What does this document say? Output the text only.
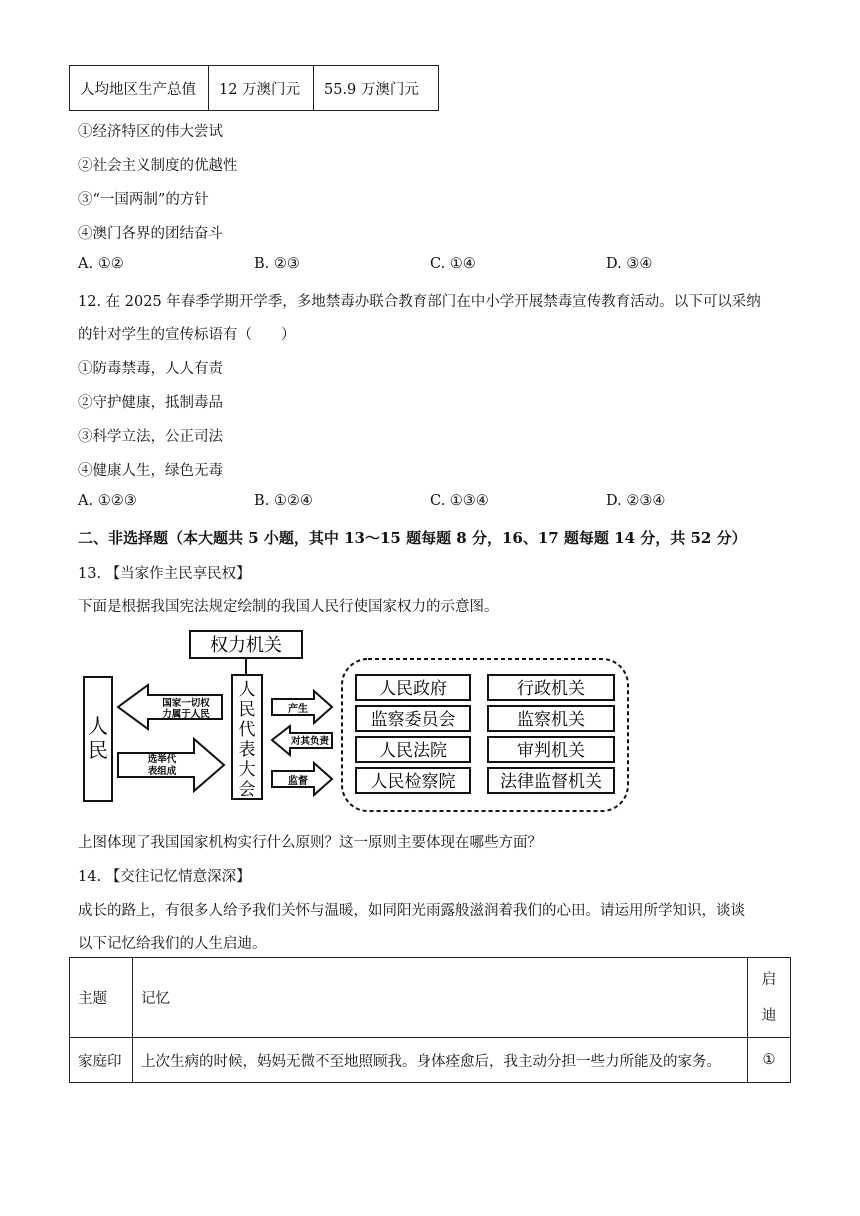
人均地区生产总值	12 万澳门元	55.9 万澳门元
①经济特区的伟大尝试
②社会主义制度的优越性
③“一国两制”的方针
④澳门各界的团结奋斗
A. ①②	B. ②③	C. ①④	D. ③④
12. 在 2025 年春季学期开学季，多地禁毒办联合教育部门在中小学开展禁毒宣传教育活动。以下可以采纳
的针对学生的宣传标语有（　　）
①防毒禁毒，人人有责
②守护健康，抵制毒品
③科学立法，公正司法
④健康人生，绿色无毒
A. ①②③	B. ①②④	C. ①③④	D. ②③④
二、非选择题（本大题共 5 小题，其中 13～15 题每题 8 分，16、17 题每题 14 分，共 52 分）
13. 【当家作主民享民权】
下面是根据我国宪法规定绘制的我国人民行使国家权力的示意图。
权力机关
人
民
国家一切权
力属于人民
选举代
表组成
人
民
代
表
大
会
产生
对其负责
监督
人民政府
监察委员会
人民法院
人民检察院
行政机关
监察机关
审判机关
法律监督机关
上图体现了我国国家机构实行什么原则？这一原则主要体现在哪些方面？
14. 【交往记忆情意深深】
成长的路上，有很多人给予我们关怀与温暖，如同阳光雨露般滋润着我们的心田。请运用所学知识，谈谈
以下记忆给我们的人生启迪。
主题	记忆	启
迪

家庭印	上次生病的时候，妈妈无微不至地照顾我。身体痊愈后，我主动分担一些力所能及的家务。	①
